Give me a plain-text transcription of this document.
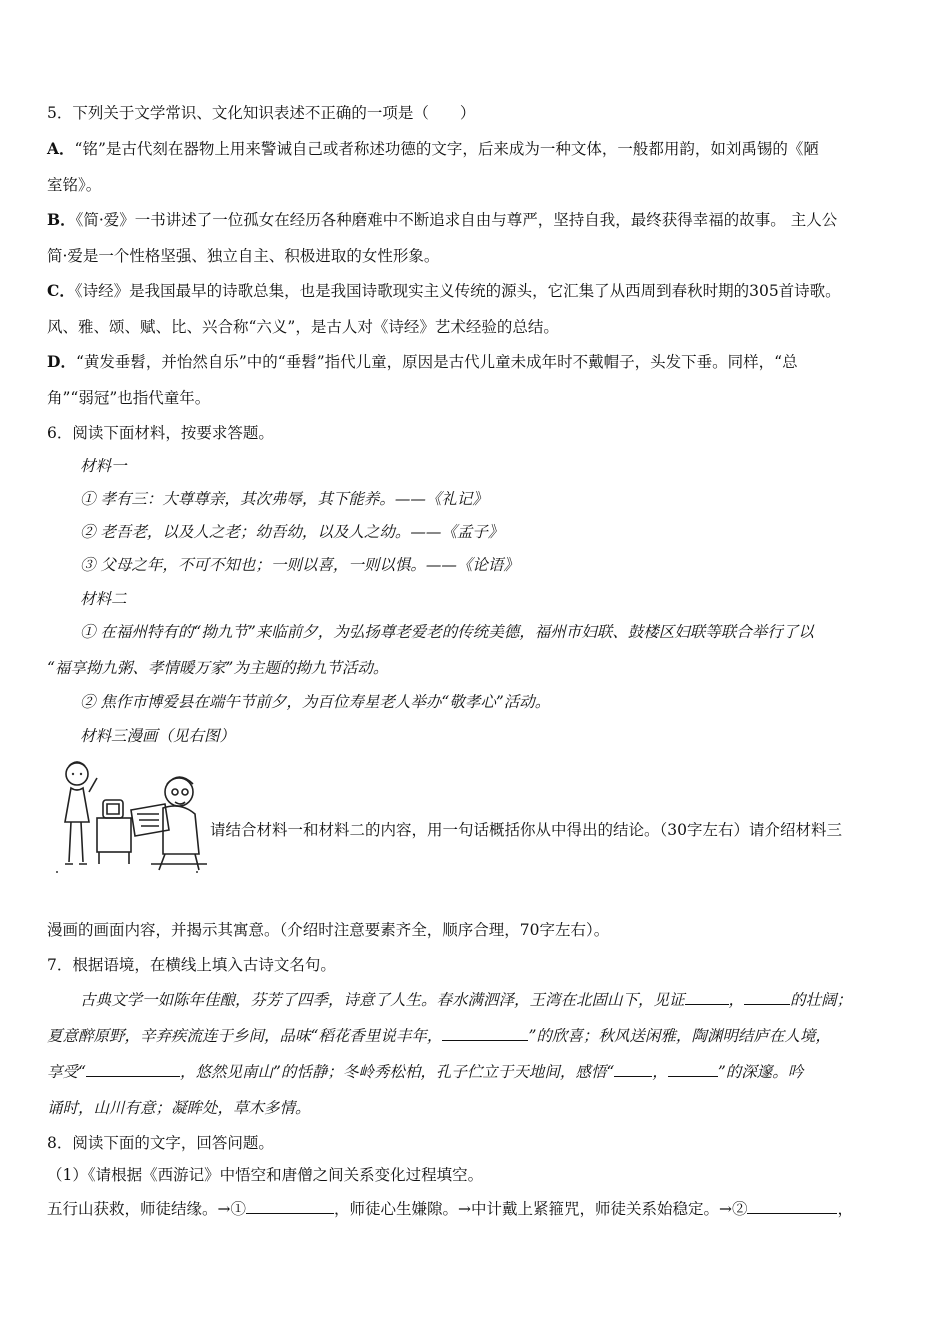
5．下列关于文学常识、文化知识表述不正确的一项是（　　）
A．“铭”是古代刻在器物上用来警诫自己或者称述功德的文字，后来成为一种文体，一般都用韵，如刘禹锡的《陋
室铭》。
B．《简·爱》一书讲述了一位孤女在经历各种磨难中不断追求自由与尊严，坚持自我，最终获得幸福的故事。 主人公
简·爱是一个性格坚强、独立自主、积极进取的女性形象。
C．《诗经》是我国最早的诗歌总集，也是我国诗歌现实主义传统的源头，它汇集了从西周到春秋时期的305首诗歌。
风、雅、颂、赋、比、兴合称“六义”，是古人对《诗经》艺术经验的总结。
D．“黄发垂髫，并怡然自乐”中的“垂髫”指代儿童，原因是古代儿童未成年时不戴帽子，头发下垂。同样，“总
角”“弱冠”也指代童年。
6．阅读下面材料，按要求答题。
材料一
① 孝有三：大尊尊亲，其次弗辱，其下能养。——《礼记》
② 老吾老，以及人之老；幼吾幼，以及人之幼。——《孟子》
③ 父母之年，不可不知也；一则以喜，一则以惧。——《论语》
材料二
① 在福州特有的“拗九节”来临前夕，为弘扬尊老爱老的传统美德，福州市妇联、鼓楼区妇联等联合举行了以
“福享拗九粥、孝情暖万家”为主题的拗九节活动。
② 焦作市博爱县在端午节前夕，为百位寿星老人举办“敬孝心”活动。
材料三漫画（见右图）
请结合材料一和材料二的内容，用一句话概括你从中得出的结论。（30字左右）请介绍材料三
漫画的画面内容，并揭示其寓意。（介绍时注意要素齐全，顺序合理，70字左右）。
7．根据语境，在横线上填入古诗文名句。
古典文学一如陈年佳酿，芬芳了四季，诗意了人生。春水满泗泽，王湾在北固山下，见证	，	的壮阔；
夏意醉原野，辛弃疾流连于乡间，品味“稻花香里说丰年，	”的欣喜；秋风送闲雅，陶渊明结庐在人境，
享受“	，悠然见南山”的恬静；冬岭秀松柏，孔子伫立于天地间，感悟“ ，	”的深邃。吟
诵时，山川有意；凝眸处，草木多情。
8．阅读下面的文字，回答问题。
（1）《请根据《西游记》中悟空和唐僧之间关系变化过程填空。
五行山获救，师徒结缘。→①	，师徒心生嫌隙。→中计戴上紧箍咒，师徒关系始稳定。→②	，
